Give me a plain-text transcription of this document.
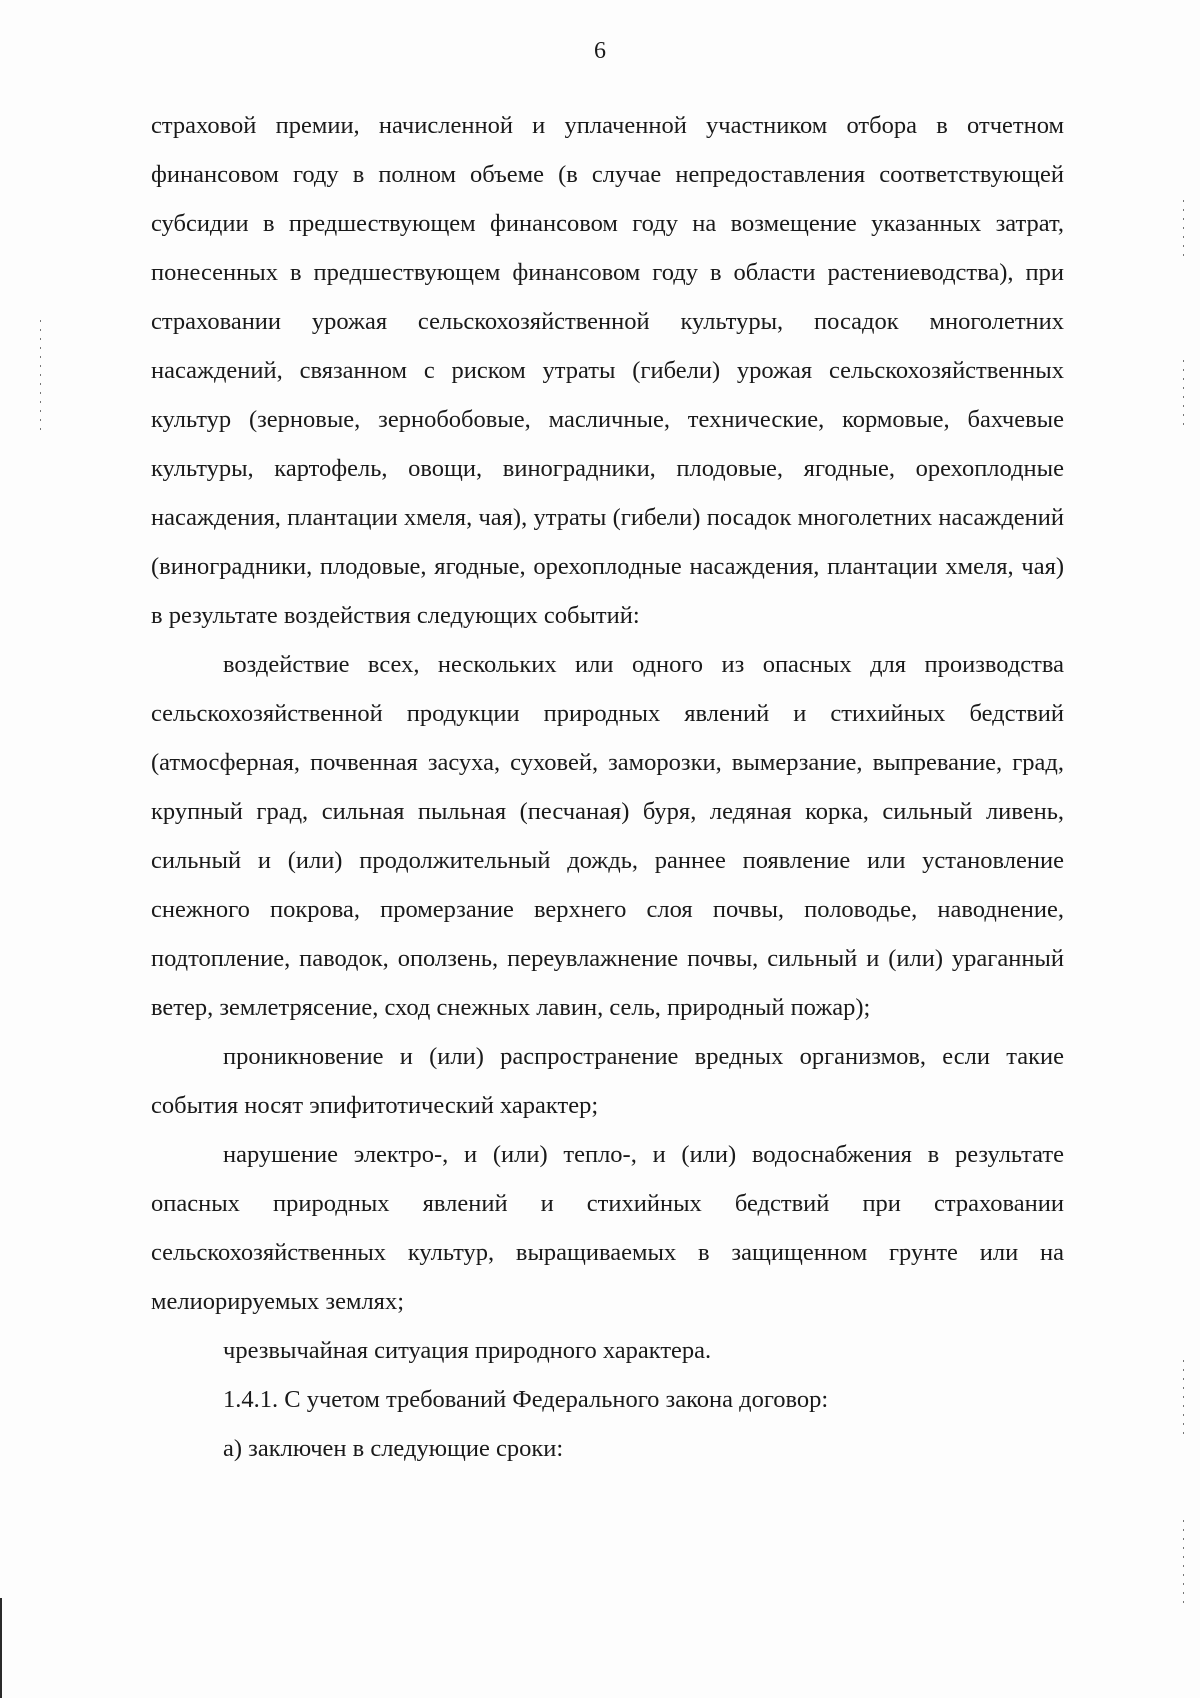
6

страховой премии, начисленной и уплаченной участником отбора в отчетном финансовом году в полном объеме (в случае непредоставления соответствующей субсидии в предшествующем финансовом году на возмещение указанных затрат, понесенных в предшествующем финансовом году в области растениеводства), при страховании урожая сельскохозяйственной культуры, посадок многолетних насаждений, связанном с риском утраты (гибели) урожая сельскохозяйственных культур (зерновые, зернобобовые, масличные, технические, кормовые, бахчевые культуры, картофель, овощи, виноградники, плодовые, ягодные, орехоплодные насаждения, плантации хмеля, чая), утраты (гибели) посадок многолетних насаждений (виноградники, плодовые, ягодные, орехоплодные насаждения, плантации хмеля, чая) в результате воздействия следующих событий:

воздействие всех, нескольких или одного из опасных для производства сельскохозяйственной продукции природных явлений и стихийных бедствий (атмосферная, почвенная засуха, суховей, заморозки, вымерзание, выпревание, град, крупный град, сильная пыльная (песчаная) буря, ледяная корка, сильный ливень, сильный и (или) продолжительный дождь, раннее появление или установление снежного покрова, промерзание верхнего слоя почвы, половодье, наводнение, подтопление, паводок, оползень, переувлажнение почвы, сильный и (или) ураганный ветер, землетрясение, сход снежных лавин, сель, природный пожар);

проникновение и (или) распространение вредных организмов, если такие события носят эпифитотический характер;

нарушение электро-, и (или) тепло-, и (или) водоснабжения в результате опасных природных явлений и стихийных бедствий при страховании сельскохозяйственных культур, выращиваемых в защищенном грунте или на мелиорируемых землях;

чрезвычайная ситуация природного характера.

1.4.1. С учетом требований Федерального закона договор:

а) заключен в следующие сроки:
